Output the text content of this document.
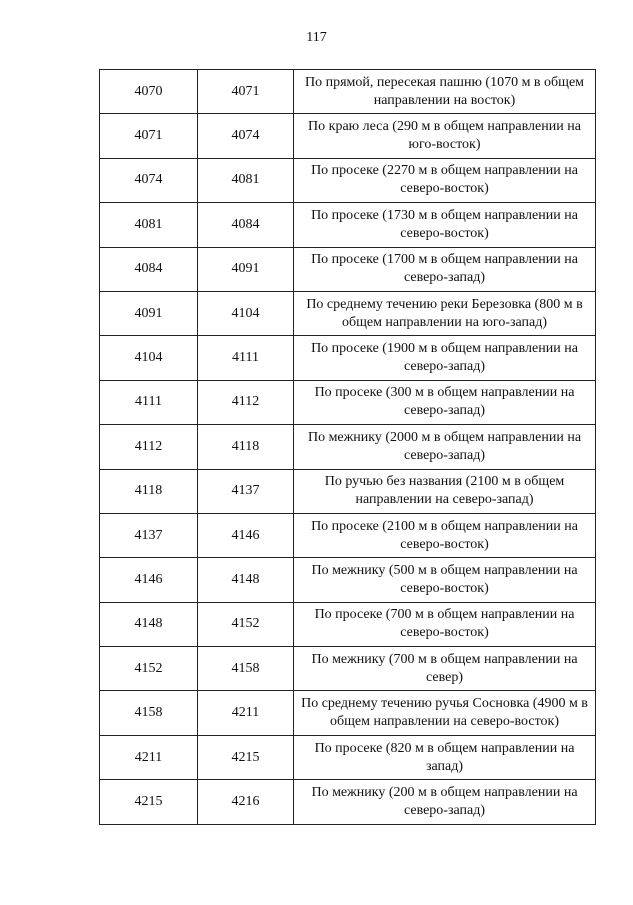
117
4070	4071	По прямой, пересекая пашню (1070 м в общем направлении на восток)
4071	4074	По краю леса (290 м в общем направлении на юго-восток)
4074	4081	По просеке (2270 м в общем направлении на северо-восток)
4081	4084	По просеке (1730 м в общем направлении на северо-восток)
4084	4091	По просеке (1700 м в общем направлении на северо-запад)
4091	4104	По среднему течению реки Березовка (800 м в общем направлении на юго-запад)
4104	4111	По просеке (1900 м в общем направлении на северо-запад)
4111	4112	По просеке (300 м в общем направлении на северо-запад)
4112	4118	По межнику (2000 м в общем направлении на северо-запад)
4118	4137	По ручью без названия (2100 м в общем направлении на северо-запад)
4137	4146	По просеке (2100 м в общем направлении на северо-восток)
4146	4148	По межнику (500 м в общем направлении на северо-восток)
4148	4152	По просеке (700 м в общем направлении на северо-восток)
4152	4158	По межнику (700 м в общем направлении на север)
4158	4211	По среднему течению ручья Сосновка (4900 м в общем направлении на северо-восток)
4211	4215	По просеке (820 м в общем направлении на запад)
4215	4216	По межнику (200 м в общем направлении на северо-запад)
